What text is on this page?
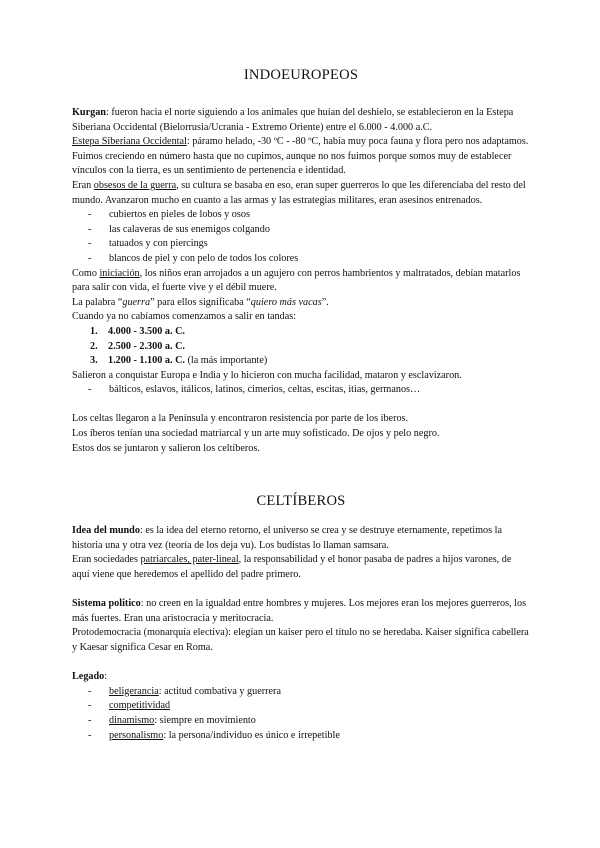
INDOEUROPEOS

Kurgan: fueron hacia el norte siguiendo a los animales que huían del deshielo, se establecieron en la Estepa Siberiana Occidental (Bielorrusia/Ucrania - Extremo Oriente) entre el 6.000 - 4.000 a.C.

Estepa Siberiana Occidental: páramo helado, -30 ºC - -80 ºC, había muy poca fauna y flora pero nos adaptamos. Fuimos creciendo en número hasta que no cupimos, aunque no nos fuimos porque somos muy de establecer vínculos con la tierra, es un sentimiento de pertenencia e identidad.

Eran obsesos de la guerra, su cultura se basaba en eso, eran super guerreros lo que les diferenciaba del resto del mundo. Avanzaron mucho en cuanto a las armas y las estrategias militares, eran asesinos entrenados.

- cubiertos en pieles de lobos y osos
- las calaveras de sus enemigos colgando
- tatuados y con piercings
- blancos de piel y con pelo de todos los colores

Como iniciación, los niños eran arrojados a un agujero con perros hambrientos y maltratados, debían matarlos para salir con vida, el fuerte vive y el débil muere.

La palabra “guerra” para ellos significaba “quiero más vacas”.

Cuando ya no cabíamos comenzamos a salir en tandas:

1. 4.000 - 3.500 a. C.
2. 2.500 - 2.300 a. C.
3. 1.200 - 1.100 a. C. (la más importante)

Salieron a conquistar Europa e India y lo hicieron con mucha facilidad, mataron y esclavizaron.

- bálticos, eslavos, itálicos, latinos, cimerios, celtas, escitas, itias, germanos…

Los celtas llegaron a la Península y encontraron resistencia por parte de los íberos.

Los íberos tenían una sociedad matriarcal y un arte muy sofisticado. De ojos y pelo negro.

Estos dos se juntaron y salieron los celtíberos.

CELTÍBEROS

Idea del mundo: es la idea del eterno retorno, el universo se crea y se destruye eternamente, repetimos la historia una y otra vez (teoría de los deja vu). Los budistas lo llaman samsara.

Eran sociedades patriarcales, pater-lineal, la responsabilidad y el honor pasaba de padres a hijos varones, de aquí viene que heredemos el apellido del padre primero.

Sistema político: no creen en la igualdad entre hombres y mujeres. Los mejores eran los mejores guerreros, los más fuertes. Eran una aristocracia y meritocracia.

Protodemocracia (monarquía electiva): elegían un kaiser pero el título no se heredaba. Kaiser significa cabellera y Kaesar significa Cesar en Roma.

Legado:

- beligerancia: actitud combativa y guerrera
- competitividad
- dinamismo: siempre en movimiento
- personalismo: la persona/individuo es único e irrepetible
